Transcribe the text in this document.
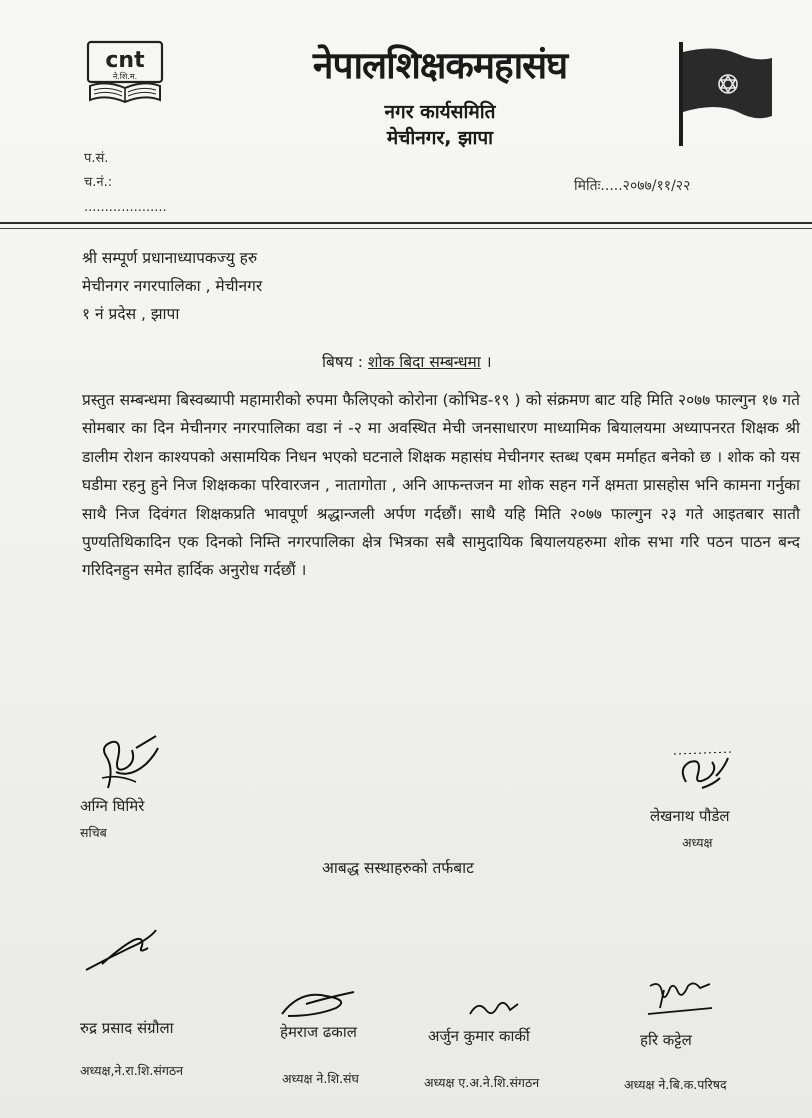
cnt
ने.शि.म.	नेपालशिक्षकमहासंघ
नगर कार्यसमिति
मेचीनगर, झापा
प.सं.
च.नं.:
....................
मितिः.....२०७७/११/२२
श्री सम्पूर्ण प्रधानाध्यापकज्यु हरु
मेचीनगर नगरपालिका , मेचीनगर
१ नं प्रदेस , झापा
बिषय : शोक बिदा सम्बन्धमा ।
प्रस्तुत सम्बन्धमा बिस्वब्यापी महामारीको रुपमा फैलिएको कोरोना (कोभिड-१९ ) को संक्रमण बाट यहि मिति २०७७ फाल्गुन १७ गते सोमबार का दिन मेचीनगर नगरपालिका वडा नं -२ मा अवस्थित मेची जनसाधारण माध्यामिक बियालयमा अध्यापनरत शिक्षक श्री डालीम रोशन काश्यपको असामयिक निधन भएको घटनाले शिक्षक महासंघ मेचीनगर स्तब्ध एबम मर्माहत बनेको छ । शोक को यस घडीमा रहनु हुने निज शिक्षकका परिवारजन , नातागोता , अनि आफन्तजन मा शोक सहन गर्ने क्षमता प्रासहोस भनि कामना गर्नुका साथै निज दिवंगत शिक्षकप्रति भावपूर्ण श्रद्धान्जली अर्पण गर्दछौं। साथै यहि मिति २०७७ फाल्गुन २३ गते आइतबार सातौ पुण्यतिथिकादिन एक दिनको निम्ति नगरपालिका क्षेत्र भित्रका सबै सामुदायिक बियालयहरुमा शोक सभा गरि पठन पाठन बन्द गरिदिनहुन समेत हार्दिक अनुरोध गर्दछौं ।
अग्नि घिमिरे
सचिब
लेखनाथ पौडेल
अध्यक्ष
आबद्ध सस्थाहरुको तर्फबाट
रुद्र प्रसाद संग्रौला
अध्यक्ष,ने.रा.शि.संगठन
हेमराज ढकाल
अध्यक्ष ने.शि.संघ
अर्जुन कुमार कार्की
अध्यक्ष ए.अ.ने.शि.संगठन
हरि कट्टेल
अध्यक्ष ने.बि.क.परिषद
